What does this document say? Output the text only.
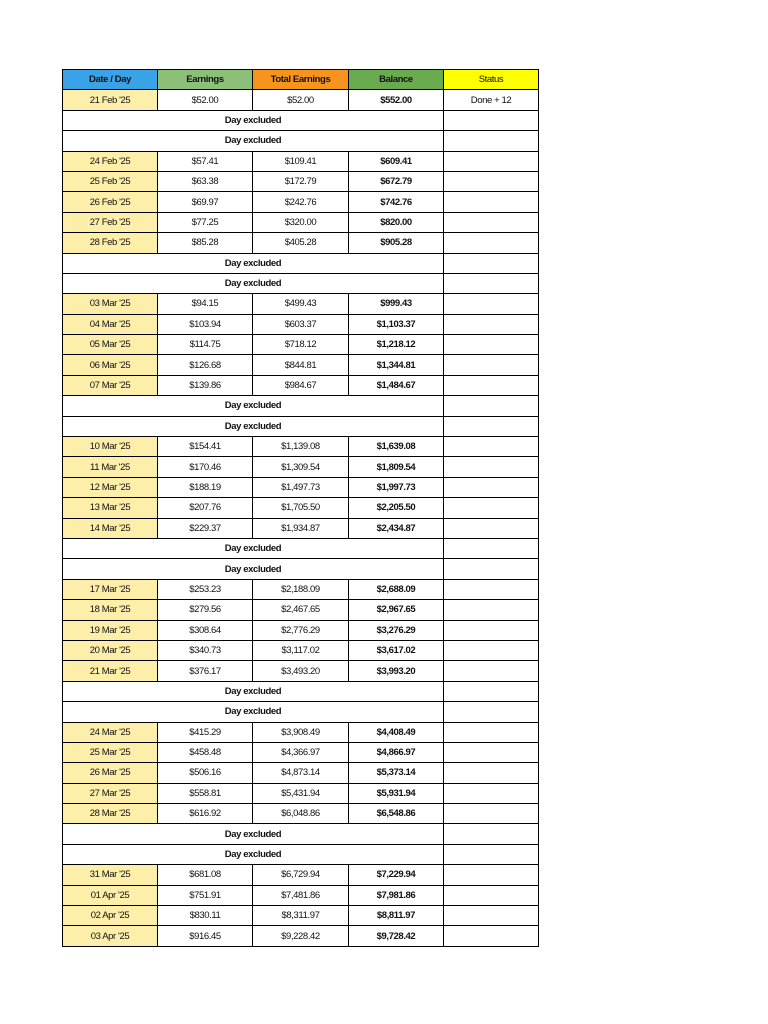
Date / Day	Earnings	Total Earnings	Balance	Status
21 Feb '25	$52.00	$52.00	$552.00	Done + 12
Day excluded				
Day excluded				
24 Feb '25	$57.41	$109.41	$609.41	
25 Feb '25	$63.38	$172.79	$672.79	
26 Feb '25	$69.97	$242.76	$742.76	
27 Feb '25	$77.25	$320.00	$820.00	
28 Feb '25	$85.28	$405.28	$905.28	
Day excluded				
Day excluded				
03 Mar '25	$94.15	$499.43	$999.43	
04 Mar '25	$103.94	$603.37	$1,103.37	
05 Mar '25	$114.75	$718.12	$1,218.12	
06 Mar '25	$126.68	$844.81	$1,344.81	
07 Mar '25	$139.86	$984.67	$1,484.67	
Day excluded				
Day excluded				
10 Mar '25	$154.41	$1,139.08	$1,639.08	
11 Mar '25	$170.46	$1,309.54	$1,809.54	
12 Mar '25	$188.19	$1,497.73	$1,997.73	
13 Mar '25	$207.76	$1,705.50	$2,205.50	
14 Mar '25	$229.37	$1,934.87	$2,434.87	
Day excluded				
Day excluded				
17 Mar '25	$253.23	$2,188.09	$2,688.09	
18 Mar '25	$279.56	$2,467.65	$2,967.65	
19 Mar '25	$308.64	$2,776.29	$3,276.29	
20 Mar '25	$340.73	$3,117.02	$3,617.02	
21 Mar '25	$376.17	$3,493.20	$3,993.20	
Day excluded				
Day excluded				
24 Mar '25	$415.29	$3,908.49	$4,408.49	
25 Mar '25	$458.48	$4,366.97	$4,866.97	
26 Mar '25	$506.16	$4,873.14	$5,373.14	
27 Mar '25	$558.81	$5,431.94	$5,931.94	
28 Mar '25	$616.92	$6,048.86	$6,548.86	
Day excluded				
Day excluded				
31 Mar '25	$681.08	$6,729.94	$7,229.94	
01 Apr '25	$751.91	$7,481.86	$7,981.86	
02 Apr '25	$830.11	$8,311.97	$8,811.97	
03 Apr '25	$916.45	$9,228.42	$9,728.42	
